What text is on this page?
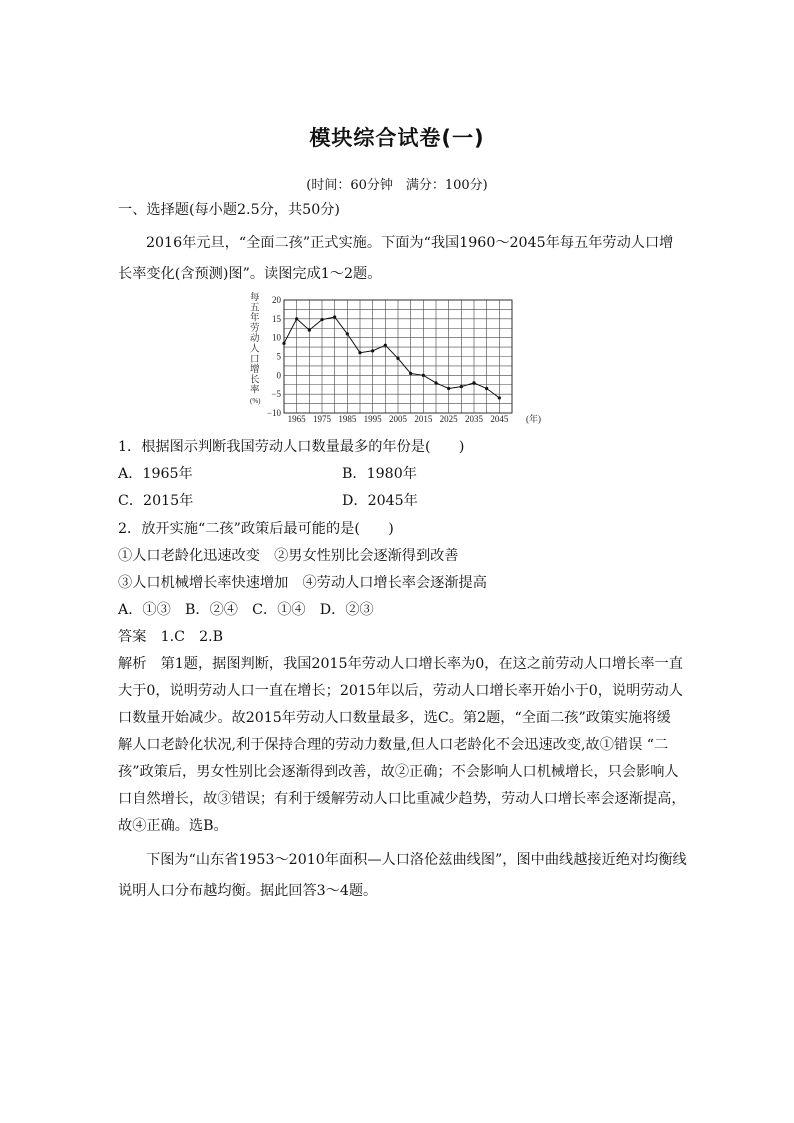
模块综合试卷(一)
(时间：60分钟　满分：100分)
一、选择题(每小题2.5分，共50分)
2016年元旦，“全面二孩”正式实施。下面为“我国1960～2045年每五年劳动人口增
长率变化(含预测)图”。读图完成1～2题。
每
五
年
劳
动
人
口
增
长
率
(%)
20
15
10
5
0
−5
−10
1965 1975 1985 1995 2005 2015 2025 2035 2045 (年)
1．根据图示判断我国劳动人口数量最多的年份是(　　)
A．1965年	B．1980年
C．2015年	D．2045年
2．放开实施“二孩”政策后最可能的是(　　)
①人口老龄化迅速改变　②男女性别比会逐渐得到改善
③人口机械增长率快速增加　④劳动人口增长率会逐渐提高
A．①③　B．②④　C．①④　D．②③
答案　1.C　2.B
解析　第1题，据图判断，我国2015年劳动人口增长率为0，在这之前劳动人口增长率一直
大于0，说明劳动人口一直在增长；2015年以后，劳动人口增长率开始小于0，说明劳动人
口数量开始减少。故2015年劳动人口数量最多，选C。第2题，“全面二孩”政策实施将缓
解人口老龄化状况,利于保持合理的劳动力数量,但人口老龄化不会迅速改变,故①错误 “二
孩”政策后，男女性别比会逐渐得到改善，故②正确；不会影响人口机械增长，只会影响人
口自然增长，故③错误；有利于缓解劳动人口比重减少趋势，劳动人口增长率会逐渐提高，
故④正确。选B。
下图为“山东省1953～2010年面积—人口洛伦兹曲线图”，图中曲线越接近绝对均衡线
说明人口分布越均衡。据此回答3～4题。
